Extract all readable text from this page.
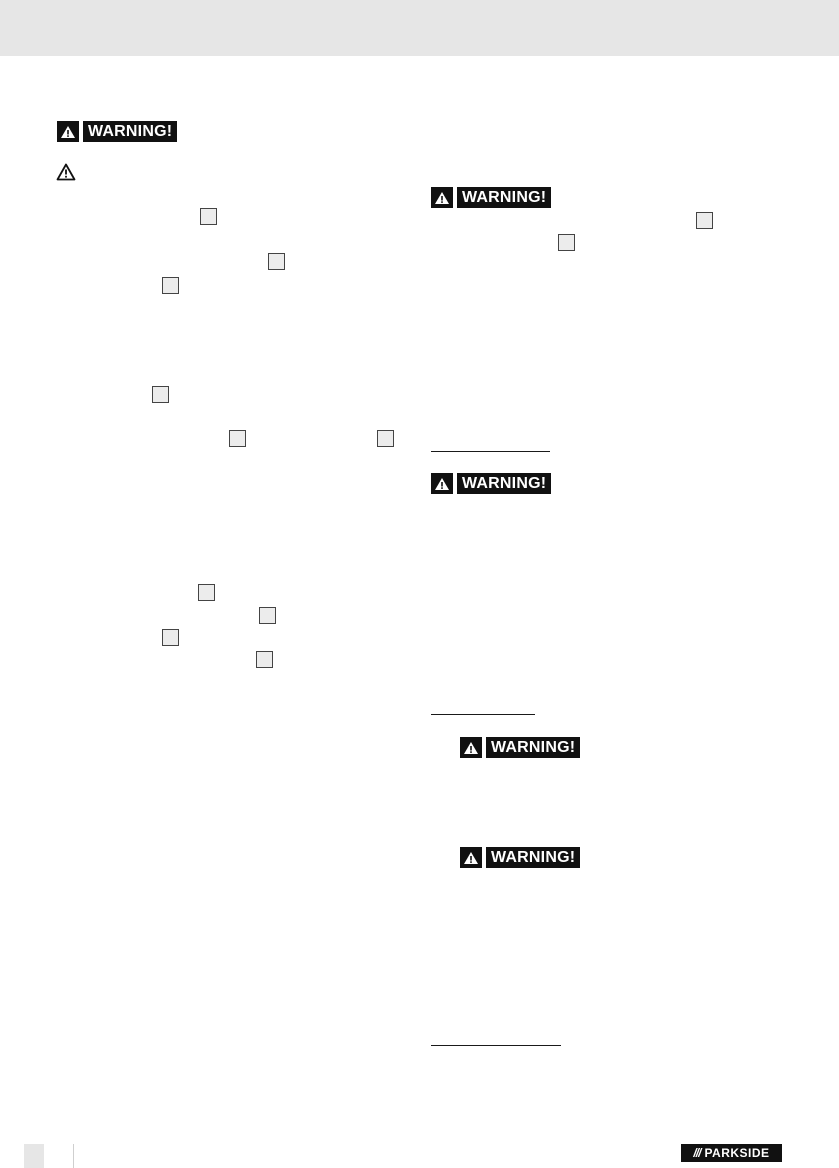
WARNING!
WARNING!
WARNING!
WARNING!
WARNING!
/// PARKSIDE
